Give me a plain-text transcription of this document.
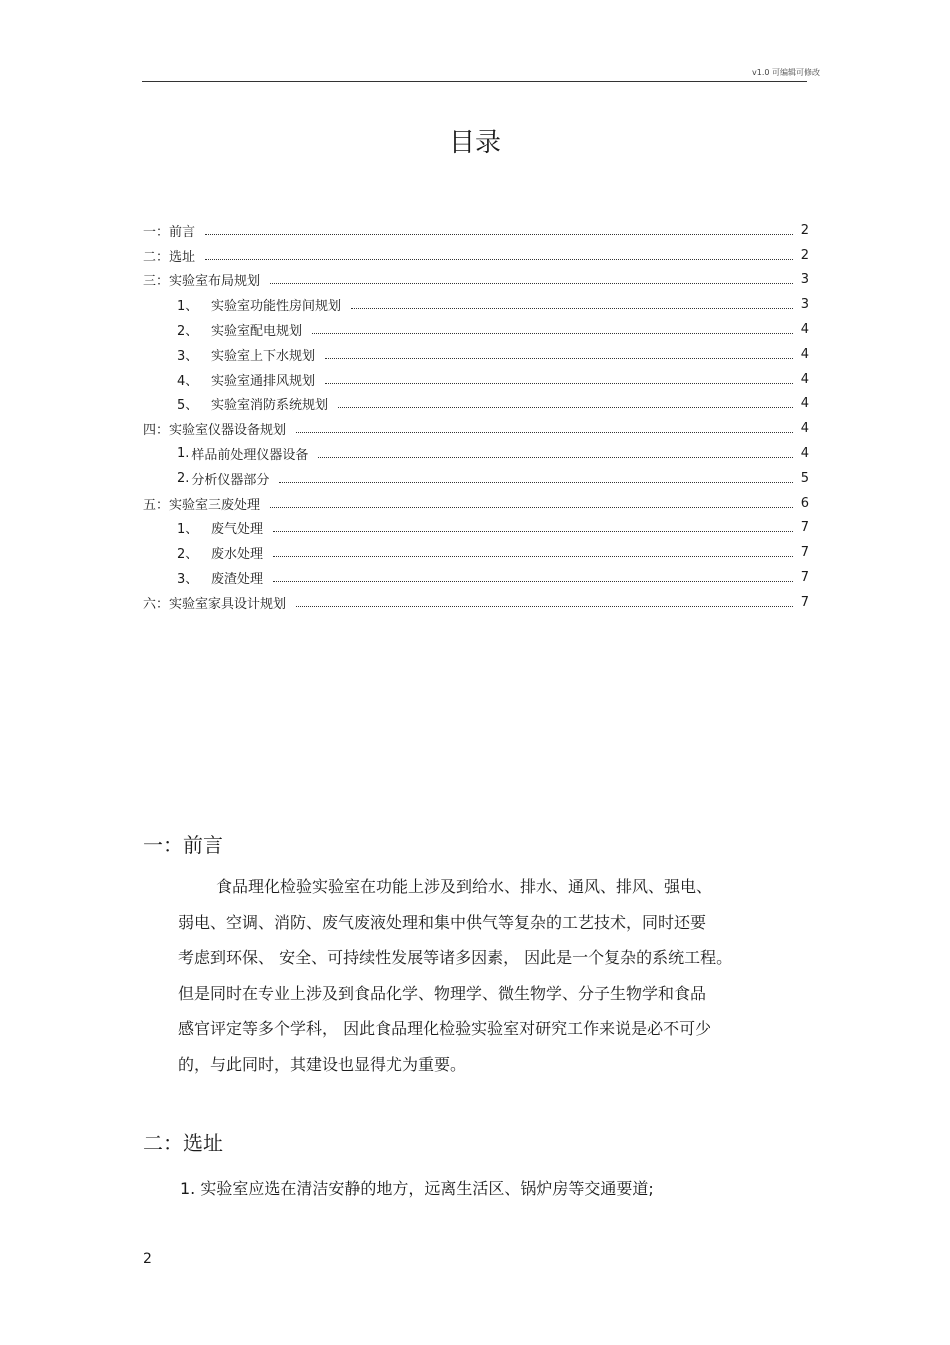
v1.0 可编辑可修改
目录
一： 前言	2
二： 选址	2
三： 实验室布局规划	3
1、 实验室功能性房间规划	3
2、 实验室配电规划	4
3、 实验室上下水规划	4
4、 实验室通排风规划	4
5、 实验室消防系统规划	4
四： 实验室仪器设备规划	4
1. 样品前处理仪器设备	4
2. 分析仪器部分	5
五： 实验室三废处理	6
1、 废气处理	7
2、 废水处理	7
3、 废渣处理	7
六： 实验室家具设计规划	7
一：前言

食品理化检验实验室在功能上涉及到给水、排水、通风、排风、强电、
弱电、空调、消防、废气废液处理和集中供气等复杂的工艺技术，同时还要
考虑到环保、 安全、可持续性发展等诸多因素， 因此是一个复杂的系统工程。
但是同时在专业上涉及到食品化学、物理学、微生物学、分子生物学和食品
感官评定等多个学科， 因此食品理化检验实验室对研究工作来说是必不可少
的，与此同时，其建设也显得尤为重要。

二：选址

1. 实验室应选在清洁安静的地方，远离生活区、锅炉房等交通要道;

2
